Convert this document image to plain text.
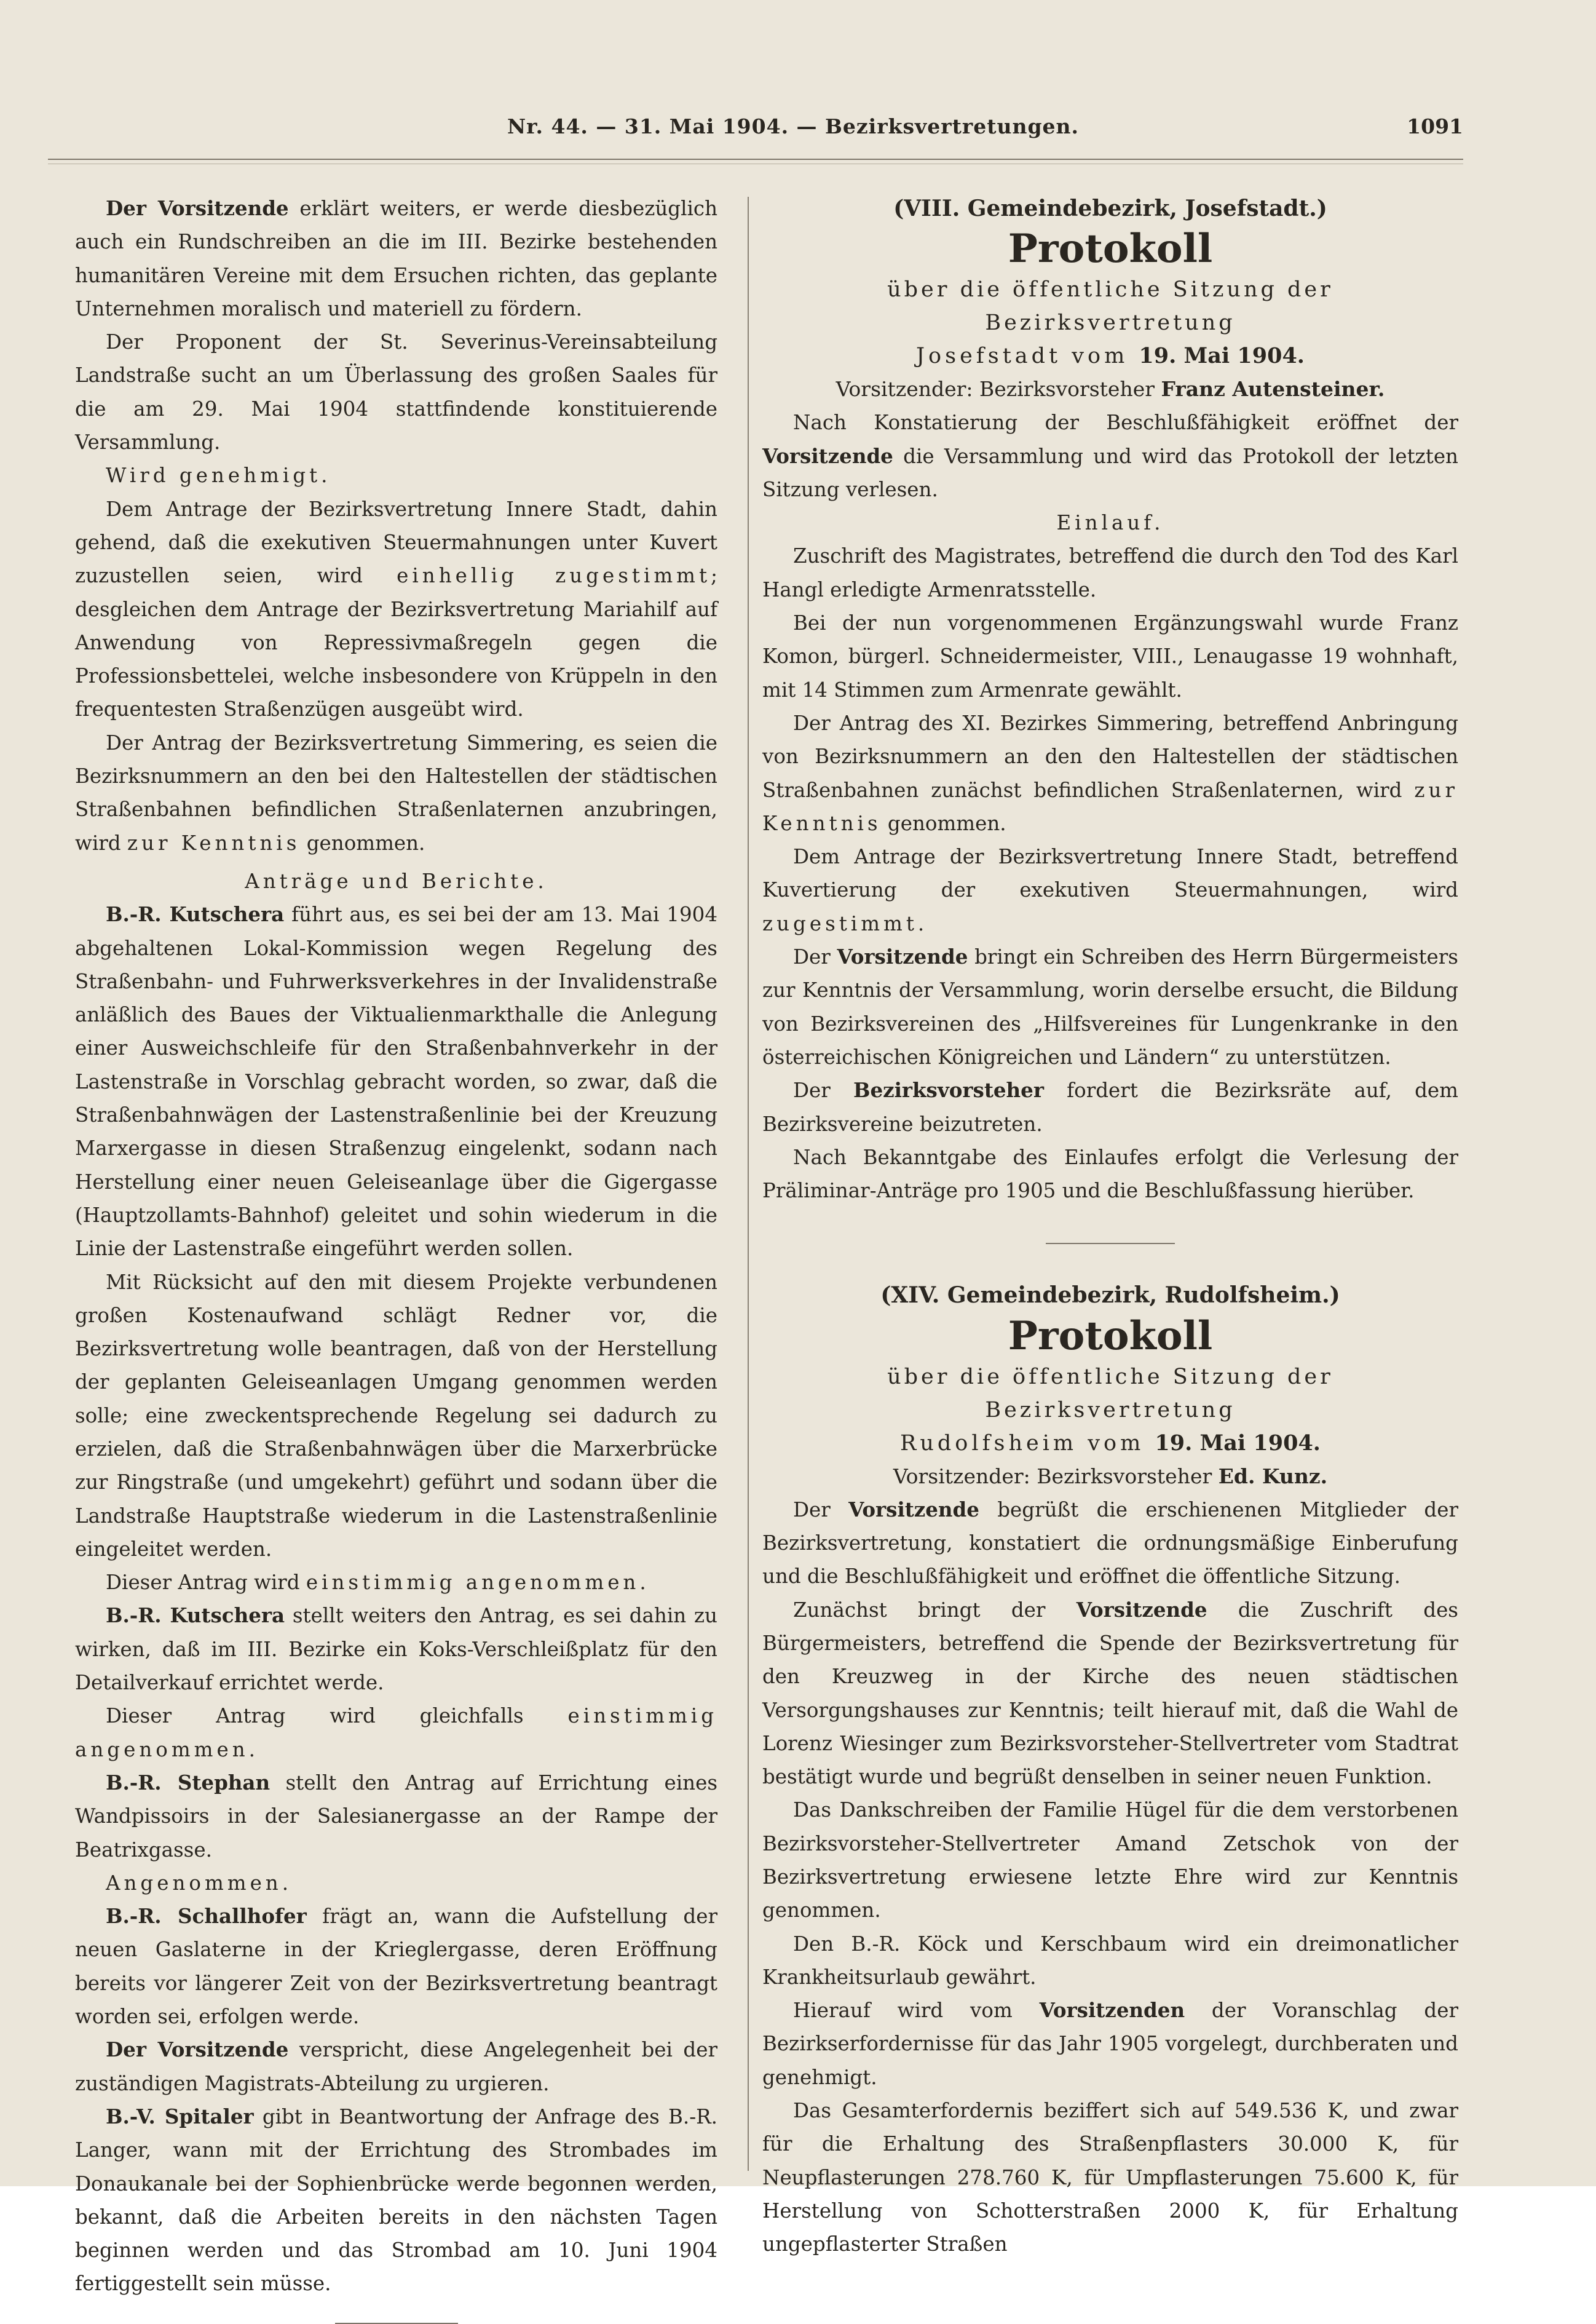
Nr. 44. — 31. Mai 1904. — Bezirksvertretungen.	1091

Der Vorsitzende erklärt weiters, er werde diesbezüglich auch ein Rundschreiben an die im III. Bezirke bestehenden humanitären Vereine mit dem Ersuchen richten, das geplante Unternehmen moralisch und materiell zu fördern.

Der Proponent der St. Severinus-Vereinsabteilung Landstraße sucht an um Überlassung des großen Saales für die am 29. Mai 1904 stattfindende konstituierende Versammlung.

Wird genehmigt.

Dem Antrage der Bezirksvertretung Innere Stadt, dahin gehend, daß die exekutiven Steuermahnungen unter Kuvert zuzustellen seien, wird einhellig zugestimmt; desgleichen dem Antrage der Bezirksvertretung Mariahilf auf Anwendung von Repressivmaßregeln gegen die Professionsbettelei, welche insbesondere von Krüppeln in den frequentesten Straßenzügen ausgeübt wird.

Der Antrag der Bezirksvertretung Simmering, es seien die Bezirksnummern an den bei den Haltestellen der städtischen Straßenbahnen befindlichen Straßenlaternen anzubringen, wird zur Kenntnis genommen.

Anträge und Berichte.

B.-R. Kutschera führt aus, es sei bei der am 13. Mai 1904 abgehaltenen Lokal-Kommission wegen Regelung des Straßenbahn- und Fuhrwerksverkehres in der Invalidenstraße anläßlich des Baues der Viktualienmarkthalle die Anlegung einer Ausweichschleife für den Straßenbahnverkehr in der Lastenstraße in Vorschlag gebracht worden, so zwar, daß die Straßenbahnwägen der Lastenstraßenlinie bei der Kreuzung Marxergasse in diesen Straßenzug eingelenkt, sodann nach Herstellung einer neuen Geleiseanlage über die Gigergasse (Hauptzollamts-Bahnhof) geleitet und sohin wiederum in die Linie der Lastenstraße eingeführt werden sollen.

Mit Rücksicht auf den mit diesem Projekte verbundenen großen Kostenaufwand schlägt Redner vor, die Bezirksvertretung wolle beantragen, daß von der Herstellung der geplanten Geleiseanlagen Umgang genommen werden solle; eine zweckentsprechende Regelung sei dadurch zu erzielen, daß die Straßenbahnwägen über die Marxerbrücke zur Ringstraße (und umgekehrt) geführt und sodann über die Landstraße Hauptstraße wiederum in die Lastenstraßenlinie eingeleitet werden.

Dieser Antrag wird einstimmig angenommen.

B.-R. Kutschera stellt weiters den Antrag, es sei dahin zu wirken, daß im III. Bezirke ein Koks-Verschleißplatz für den Detailverkauf errichtet werde.

Dieser Antrag wird gleichfalls einstimmig angenommen.

B.-R. Stephan stellt den Antrag auf Errichtung eines Wandpissoirs in der Salesianergasse an der Rampe der Beatrixgasse.

Angenommen.

B.-R. Schallhofer frägt an, wann die Aufstellung der neuen Gaslaterne in der Krieglergasse, deren Eröffnung bereits vor längerer Zeit von der Bezirksvertretung beantragt worden sei, erfolgen werde.

Der Vorsitzende verspricht, diese Angelegenheit bei der zuständigen Magistrats-Abteilung zu urgieren.

B.-V. Spitaler gibt in Beantwortung der Anfrage des B.-R. Langer, wann mit der Errichtung des Strombades im Donaukanale bei der Sophienbrücke werde begonnen werden, bekannt, daß die Arbeiten bereits in den nächsten Tagen beginnen werden und das Strombad am 10. Juni 1904 fertiggestellt sein müsse.

(VIII. Gemeindebezirk, Josefstadt.)

Protokoll

über die öffentliche Sitzung der Bezirksvertretung

Josefstadt vom 19. Mai 1904.

Vorsitzender: Bezirksvorsteher Franz Autensteiner.

Nach Konstatierung der Beschlußfähigkeit eröffnet der Vorsitzende die Versammlung und wird das Protokoll der letzten Sitzung verlesen.

Einlauf.

Zuschrift des Magistrates, betreffend die durch den Tod des Karl Hangl erledigte Armenratsstelle.

Bei der nun vorgenommenen Ergänzungswahl wurde Franz Komon, bürgerl. Schneidermeister, VIII., Lenaugasse 19 wohnhaft, mit 14 Stimmen zum Armenrate gewählt.

Der Antrag des XI. Bezirkes Simmering, betreffend Anbringung von Bezirksnummern an den den Haltestellen der städtischen Straßenbahnen zunächst befindlichen Straßenlaternen, wird zur Kenntnis genommen.

Dem Antrage der Bezirksvertretung Innere Stadt, betreffend Kuvertierung der exekutiven Steuermahnungen, wird zugestimmt.

Der Vorsitzende bringt ein Schreiben des Herrn Bürgermeisters zur Kenntnis der Versammlung, worin derselbe ersucht, die Bildung von Bezirksvereinen des „Hilfsvereines für Lungenkranke in den österreichischen Königreichen und Ländern“ zu unterstützen.

Der Bezirksvorsteher fordert die Bezirksräte auf, dem Bezirksvereine beizutreten.

Nach Bekanntgabe des Einlaufes erfolgt die Verlesung der Präliminar-Anträge pro 1905 und die Beschlußfassung hierüber.

(XIV. Gemeindebezirk, Rudolfsheim.)

Protokoll

über die öffentliche Sitzung der Bezirksvertretung

Rudolfsheim vom 19. Mai 1904.

Vorsitzender: Bezirksvorsteher Ed. Kunz.

Der Vorsitzende begrüßt die erschienenen Mitglieder der Bezirksvertretung, konstatiert die ordnungsmäßige Einberufung und die Beschlußfähigkeit und eröffnet die öffentliche Sitzung.

Zunächst bringt der Vorsitzende die Zuschrift des Bürgermeisters, betreffend die Spende der Bezirksvertretung für den Kreuzweg in der Kirche des neuen städtischen Versorgungshauses zur Kenntnis; teilt hierauf mit, daß die Wahl de Lorenz Wiesinger zum Bezirksvorsteher-Stellvertreter vom Stadtrat bestätigt wurde und begrüßt denselben in seiner neuen Funktion.

Das Dankschreiben der Familie Hügel für die dem verstorbenen Bezirksvorsteher-Stellvertreter Amand Zetschok von der Bezirksvertretung erwiesene letzte Ehre wird zur Kenntnis genommen.

Den B.-R. Köck und Kerschbaum wird ein dreimonatlicher Krankheitsurlaub gewährt.

Hierauf wird vom Vorsitzenden der Voranschlag der Bezirkserfordernisse für das Jahr 1905 vorgelegt, durchberaten und genehmigt.

Das Gesamterfordernis beziffert sich auf 549.536 K, und zwar für die Erhaltung des Straßenpflasters 30.000 K, für Neupflasterungen 278.760 K, für Umpflasterungen 75.600 K, für Herstellung von Schotterstraßen 2000 K, für Erhaltung ungepflasterter Straßen
